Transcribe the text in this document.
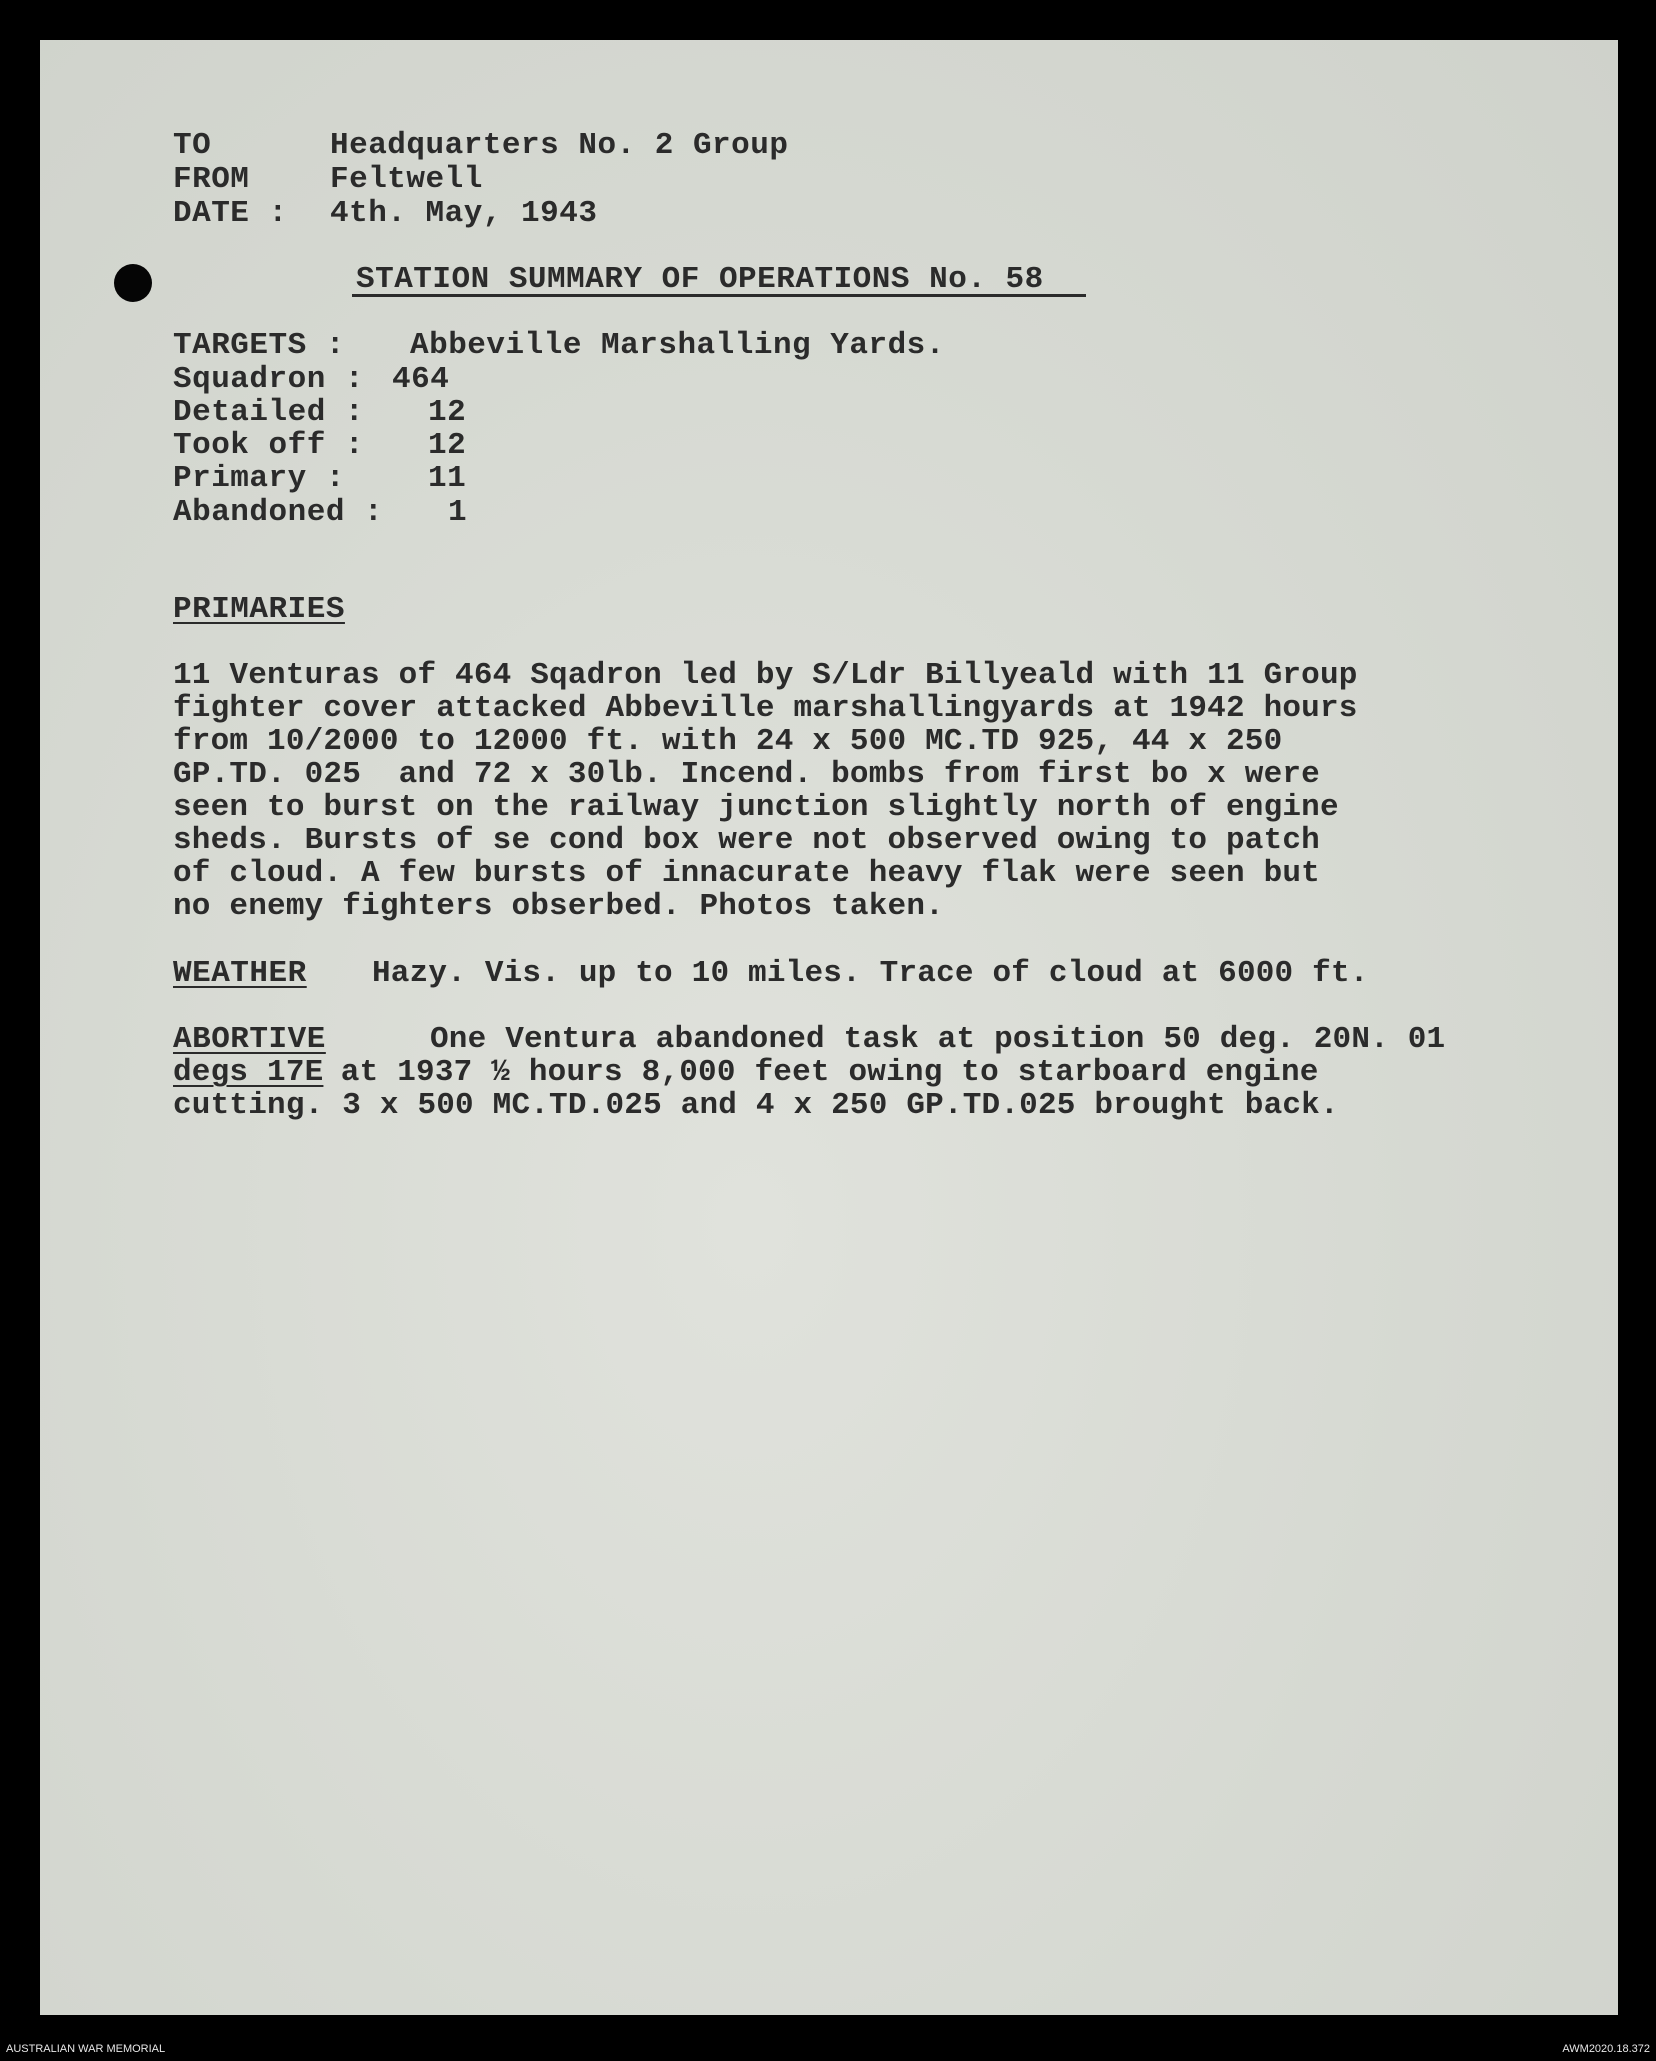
TO	Headquarters No. 2 Group
FROM	Feltwell
DATE : 4th. May, 1943
STATION SUMMARY OF OPERATIONS No. 58
TARGETS : Abbeville Marshalling Yards.
Squadron : 464
Detailed : 12
Took off : 12
Primary :	11
Abandoned : 1
PRIMARIES
11 Venturas of 464 Sqadron led by S/Ldr Billyeald with 11 Group
fighter cover attacked Abbeville marshallingyards at 1942 hours
from 10/2000 to 12000 ft. with 24 x 500 MC.TD 925, 44 x 250
GP.TD. 025  and 72 x 30lb. Incend. bombs from first bo x were
seen to burst on the railway junction slightly north of engine
sheds. Bursts of se cond box were not observed owing to patch
of cloud. A few bursts of innacurate heavy flak were seen but
no enemy fighters obserbed. Photos taken.
WEATHER Hazy. Vis. up to 10 miles. Trace of cloud at 6000 ft.
ABORTIVE	One Ventura abandoned task at position 50 deg. 20N. 01
degs 17E
at 1937 ½ hours 8,000 feet owing to starboard engine
cutting. 3 x 500 MC.TD.025 and 4 x 250 GP.TD.025 brought back.
AUSTRALIAN WAR MEMORIAL	AWM2020.18.372
